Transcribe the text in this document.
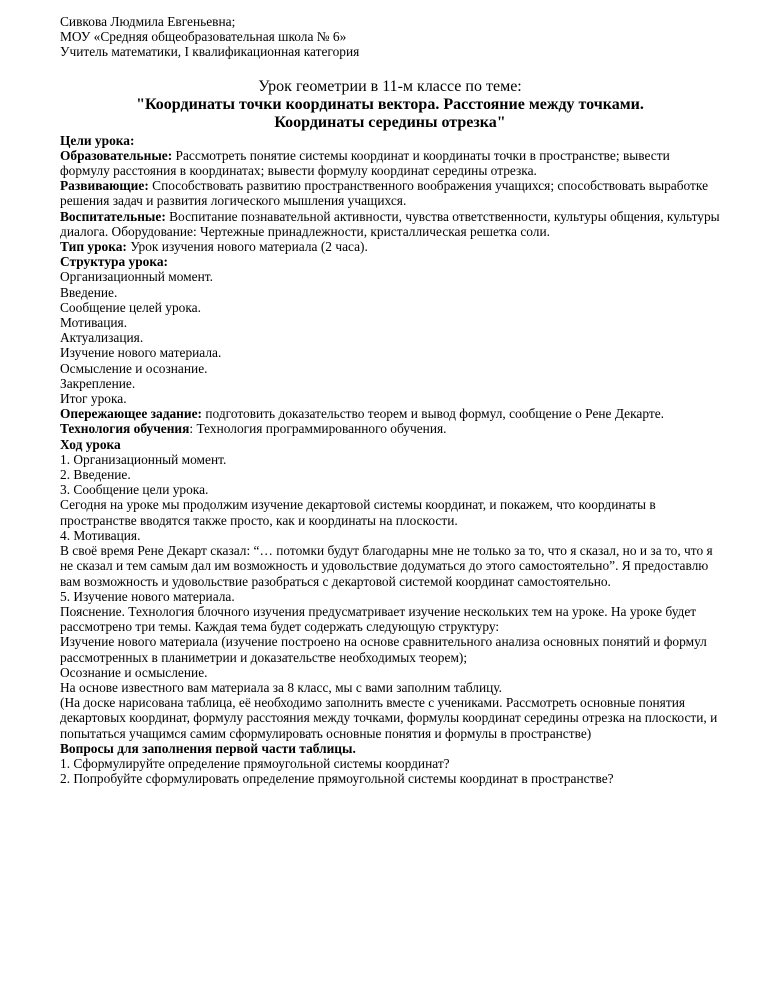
Сивкова Людмила Евгеньевна;

МОУ «Средняя общеобразовательная школа № 6»

Учитель математики, I квалификационная категория

Урок геометрии в 11-м классе по теме:
"Координаты точки координаты вектора. Расстояние между точками.
Координаты середины отрезка"

Цели урока:

Образовательные: Рассмотреть понятие системы координат и координаты точки в пространстве; вывести формулу расстояния в координатах; вывести формулу координат середины отрезка.

Развивающие: Способствовать развитию пространственного воображения учащихся; способствовать выработке решения задач и развития логического мышления учащихся.

Воспитательные: Воспитание познавательной активности, чувства ответственности, культуры общения, культуры диалога. Оборудование: Чертежные принадлежности, кристаллическая решетка соли.

Тип урока: Урок изучения нового материала (2 часа).

Структура урока:

Организационный момент.

Введение.

Сообщение целей урока.

Мотивация.

Актуализация.

Изучение нового материала.

Осмысление и осознание.

Закрепление.

Итог урока.

Опережающее задание: подготовить доказательство теорем и вывод формул, сообщение о Рене Декарте.

Технология обучения: Технология программированного обучения.

Ход урока

1. Организационный момент.

2. Введение.

3. Сообщение цели урока.

Сегодня на уроке мы продолжим изучение декартовой системы координат, и покажем, что координаты в пространстве вводятся также просто, как и координаты на плоскости.

4. Мотивация.

В своё время Рене Декарт сказал: “… потомки будут благодарны мне не только за то, что я сказал, но и за то, что я не сказал и тем самым дал им возможность и удовольствие додуматься до этого самостоятельно”. Я предоставлю вам возможность и удовольствие разобраться с декартовой системой координат самостоятельно.

5. Изучение нового материала.

Пояснение. Технология блочного изучения предусматривает изучение нескольких тем на уроке. На уроке будет рассмотрено три темы. Каждая тема будет содержать следующую структуру:

Изучение нового материала (изучение построено на основе сравнительного анализа основных понятий и формул рассмотренных в планиметрии и доказательстве необходимых теорем);

Осознание и осмысление.

На основе известного вам материала за 8 класс, мы с вами заполним таблицу.

(На доске нарисована таблица, её необходимо заполнить вместе с учениками. Рассмотреть основные понятия декартовых координат, формулу расстояния между точками, формулы координат середины отрезка на плоскости, и попытаться учащимся самим сформулировать основные понятия и формулы в пространстве)

Вопросы для заполнения первой части таблицы.

1. Сформулируйте определение прямоугольной системы координат?

2. Попробуйте сформулировать определение прямоугольной системы координат в пространстве?
